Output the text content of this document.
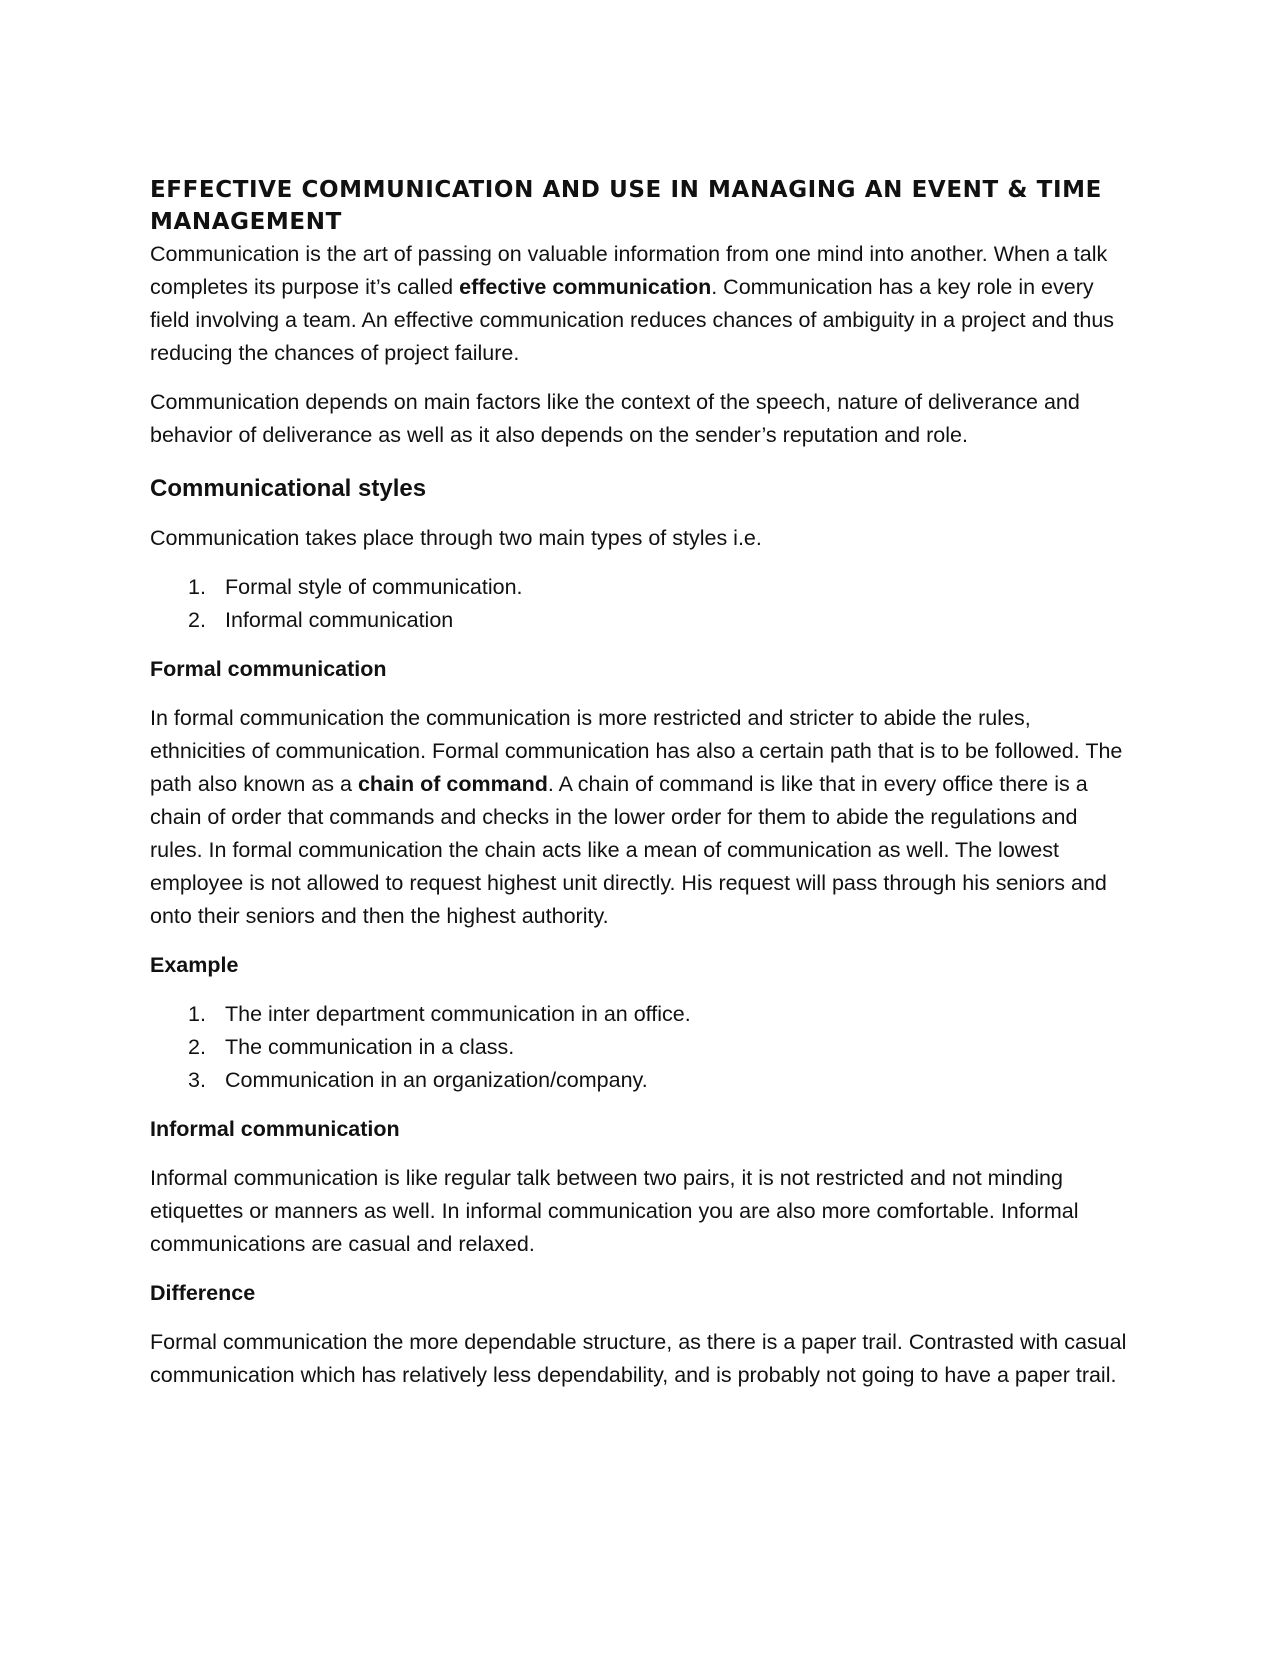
EFFECTIVE COMMUNICATION AND USE IN MANAGING AN EVENT & TIME MANAGEMENT

Communication is the art of passing on valuable information from one mind into another. When a talk completes its purpose it’s called effective communication. Communication has a key role in every field involving a team. An effective communication reduces chances of ambiguity in a project and thus reducing the chances of project failure.

Communication depends on main factors like the context of the speech, nature of deliverance and behavior of deliverance as well as it also depends on the sender’s reputation and role.

Communicational styles

Communication takes place through two main types of styles i.e.

1. Formal style of communication.
2. Informal communication
Formal communication

In formal communication the communication is more restricted and stricter to abide the rules, ethnicities of communication. Formal communication has also a certain path that is to be followed. The path also known as a chain of command. A chain of command is like that in every office there is a chain of order that commands and checks in the lower order for them to abide the regulations and rules. In formal communication the chain acts like a mean of communication as well. The lowest employee is not allowed to request highest unit directly. His request will pass through his seniors and onto their seniors and then the highest authority.

Example
1. The inter department communication in an office.
2. The communication in a class.
3. Communication in an organization/company.
Informal communication

Informal communication is like regular talk between two pairs, it is not restricted and not minding etiquettes or manners as well. In informal communication you are also more comfortable. Informal communications are casual and relaxed.

Difference

Formal communication the more dependable structure, as there is a paper trail. Contrasted with casual communication which has relatively less dependability, and is probably not going to have a paper trail.
